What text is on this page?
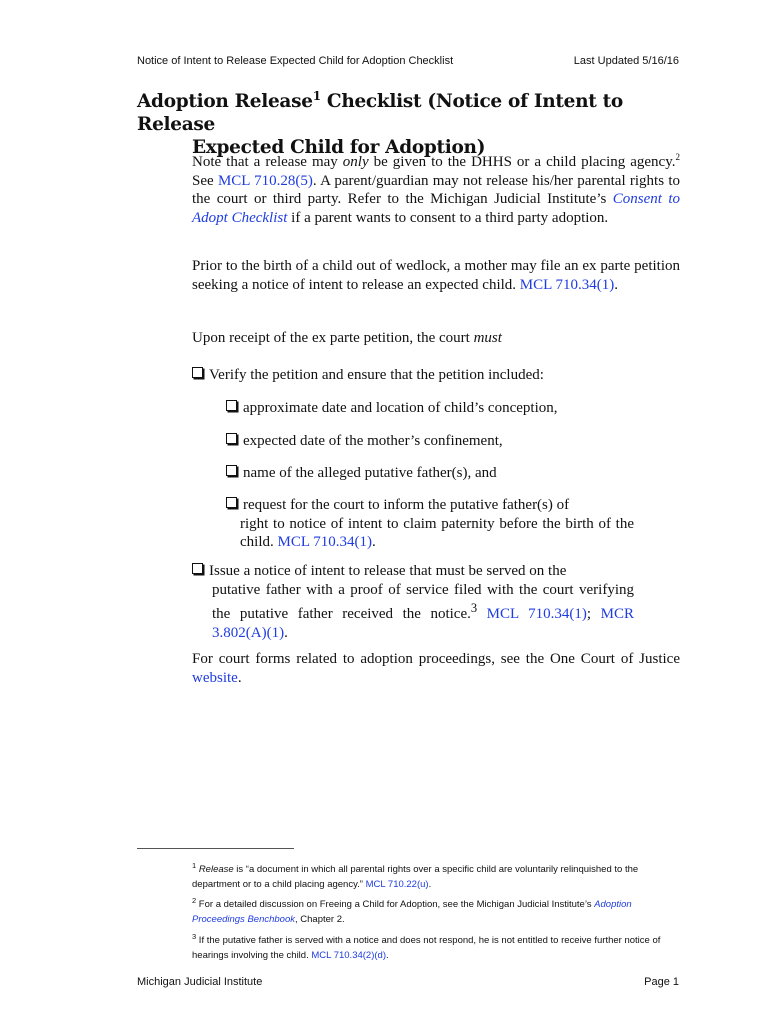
Notice of Intent to Release Expected Child for Adoption Checklist	Last Updated 5/16/16
Adoption Release$^1$ Checklist (Notice of Intent to Release
Expected Child for Adoption)
Note that a release may only be given to the DHHS or a child placing agency.$^2$ See MCL 710.28(5). A parent/guardian may not release his/her parental rights to the court or third party. Refer to the Michigan Judicial Institute’s Consent to Adopt Checklist if a parent wants to consent to a third party adoption.
Prior to the birth of a child out of wedlock, a mother may file an ex parte petition seeking a notice of intent to release an expected child. MCL 710.34(1).
Upon receipt of the ex parte petition, the court must
Verify the petition and ensure that the petition included:
approximate date and location of child’s conception,
expected date of the mother’s confinement,
name of the alleged putative father(s), and
request for the court to inform the putative father(s) of
right to notice of intent to claim paternity before the birth of the child. MCL 710.34(1).
Issue a notice of intent to release that must be served on the
putative father with a proof of service filed with the court verifying the putative father received the notice.$^3$ MCL 710.34(1); MCR 3.802(A)(1).
For court forms related to adoption proceedings, see the One Court of Justice website.
$^1$ Release is “a document in which all parental rights over a specific child are voluntarily relinquished to the department or to a child placing agency.” MCL 710.22(u).
$^2$ For a detailed discussion on Freeing a Child for Adoption, see the Michigan Judicial Institute’s Adoption Proceedings Benchbook, Chapter 2.
$^3$ If the putative father is served with a notice and does not respond, he is not entitled to receive further notice of hearings involving the child. MCL 710.34(2)(d).
Michigan Judicial Institute	Page 1
